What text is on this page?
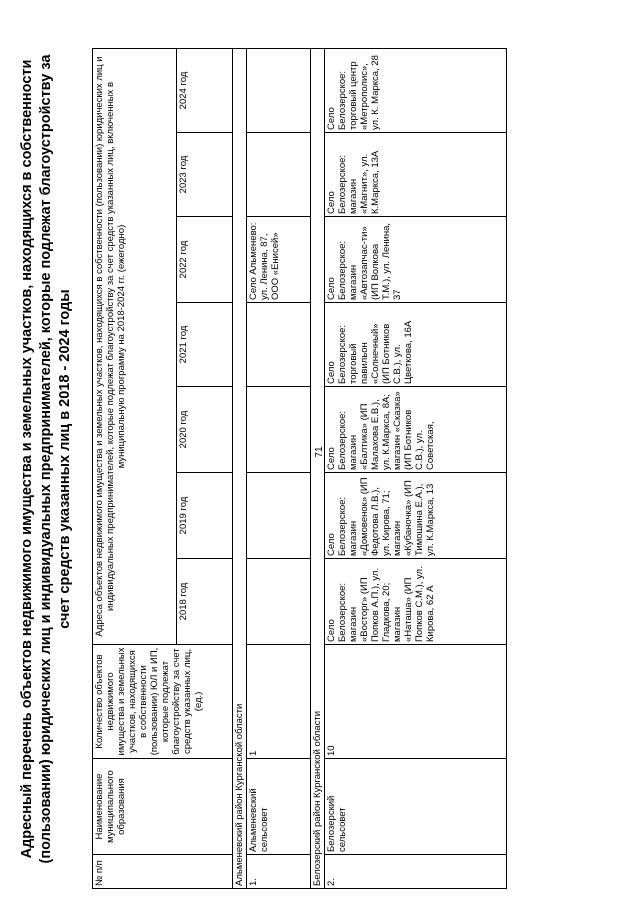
71
Адресный перечень объектов недвижимого имущества и земельных участков, находящихся в собственности (пользовании) юридических лиц и индивидуальных предпринимателей, которые подлежат благоустройству за счет средств указанных лиц в 2018 - 2024 годы
№ п/п	Наименование муниципального образования	Количество объектов недвижимого имущества и земельных участков, находящихся в собственности (пользовании) ЮЛ и ИП, которые подлежат благоустройству за счет средств указанных лиц, (ед.)	Адреса объектов недвижимого имущества и земельных участков, находящихся в собственности (пользовании) юридических лиц и индивидуальных предпринимателей, которые подлежат благоустройству за счет средств указанных лиц, включенных в муниципальную программу на 2018-2024 гг. (ежегодно)						
			2018 год	2019 год	2020 год	2021 год	2022 год	2023 год	2024 год
Альменевский район Курганской области									
1.	Альменевский сельсовет	1					Село Альменево: ул. Ленина, 87, ООО «Енисей»		
Белозерский район Курганской области									
2.	Белозерский сельсовет	10	Село Белозерское: магазин «Восторг» (ИП Попков А.П.), ул. Гладкова, 20; магазин «Наташа» (ИП Попков С.М.), ул. Кирова, 62 А	Село Белозерское: магазин «Домовенок» (ИП Федотова Л.В.), ул. Кирова, 71; магазин «Кубаночка» (ИП Тимошина Е.А.), ул. К.Маркса, 13	Село Белозерское: магазин «Балтика» (ИП Малахова Е.В.), ул. К.Маркса, 8А; магазин «Сказка» (ИП Ботников С.В.), ул. Советская,	Село Белозерское: торговый павильон «Солнечный» (ИП Ботников С.В.), ул. Цветкова, 16А	Село Белозерское: магазин «Автозапчас-ти» (ИП Волкова Т.М.), ул. Ленина, 37	Село Белозерское: магазин «Магнит», ул. К.Маркса, 13А	Село Белозерское: торговый центр «Метрополис», ул. К. Маркса, 28
